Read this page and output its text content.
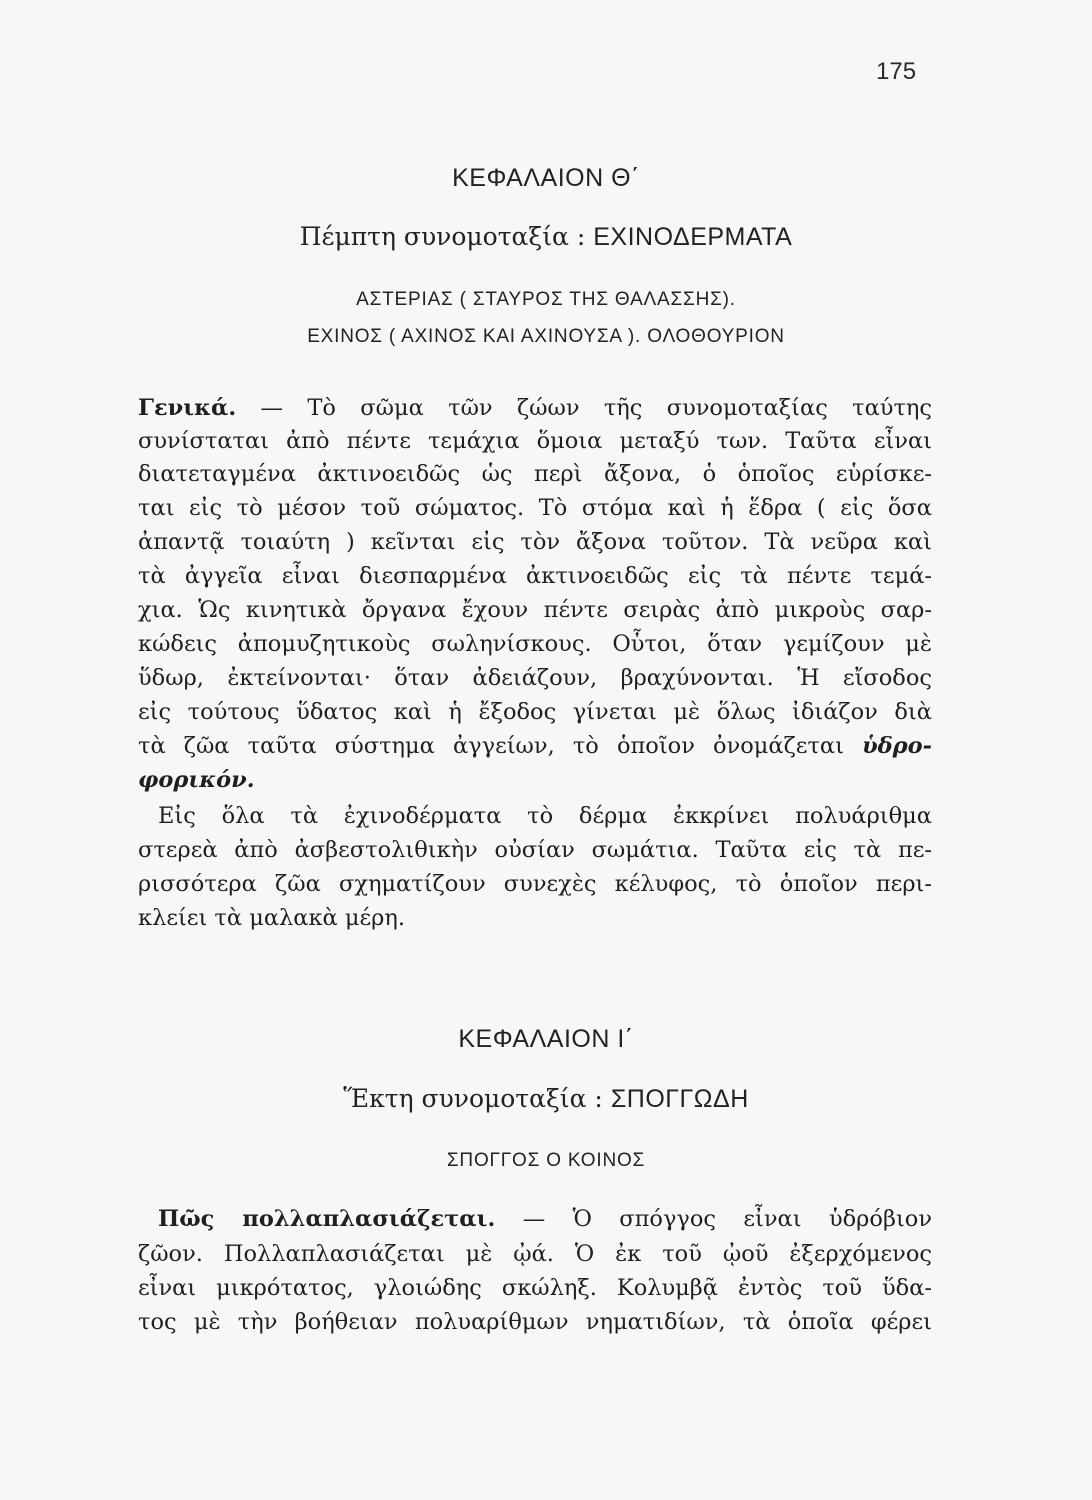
175
ΚΕΦΑΛΑΙΟΝ Θ΄
Πέμπτη συνομοταξία : ΕΧΙΝΟΔΕΡΜΑΤΑ
ΑΣΤΕΡΙΑΣ ( ΣΤΑΥΡΟΣ ΤΗΣ ΘΑΛΑΣΣΗΣ).
ΕΧΙΝΟΣ ( ΑΧΙΝΟΣ ΚΑΙ ΑΧΙΝΟΥΣΑ ). ΟΛΟΘΟΥΡΙΟΝ
Γενικά. — Τὸ σῶμα τῶν ζώων τῆς συνομοταξίας ταύτης
συνίσταται ἀπὸ πέντε τεμάχια ὅμοια μεταξύ των. Ταῦτα εἶναι
διατεταγμένα ἀκτινοειδῶς ὡς περὶ ἄξονα, ὁ ὁποῖος εὑρίσκε-
ται εἰς τὸ μέσον τοῦ σώματος. Τὸ στόμα καὶ ἡ ἕδρα ( εἰς ὅσα
ἀπαντᾷ τοιαύτη ) κεῖνται εἰς τὸν ἄξονα τοῦτον. Τὰ νεῦρα καὶ
τὰ ἀγγεῖα εἶναι διεσπαρμένα ἀκτινοειδῶς εἰς τὰ πέντε τεμά-
χια. Ὡς κινητικὰ ὄργανα ἔχουν πέντε σειρὰς ἀπὸ μικροὺς σαρ-
κώδεις ἀπομυζητικοὺς σωληνίσκους. Οὗτοι, ὅταν γεμίζουν μὲ
ὕδωρ, ἐκτείνονται· ὅταν ἀδειάζουν, βραχύνονται. Ἡ εἴσοδος
εἰς τούτους ὕδατος καὶ ἡ ἔξοδος γίνεται μὲ ὅλως ἰδιάζον διὰ
τὰ ζῶα ταῦτα σύστημα ἀγγείων, τὸ ὁποῖον ὀνομάζεται ὑδρο-
φορικόν.
Εἰς ὅλα τὰ ἐχινοδέρματα τὸ δέρμα ἐκκρίνει πολυάριθμα
στερεὰ ἀπὸ ἀσβεστολιθικὴν οὐσίαν σωμάτια. Ταῦτα εἰς τὰ πε-
ρισσότερα ζῶα σχηματίζουν συνεχὲς κέλυφος, τὸ ὁποῖον περι-
κλείει τὰ μαλακὰ μέρη.
ΚΕΦΑΛΑΙΟΝ Ι΄
Ἕκτη συνομοταξία : ΣΠΟΓΓΩΔΗ
ΣΠΟΓΓΟΣ Ο ΚΟΙΝΟΣ
Πῶς πολλαπλασιάζεται. — Ὁ σπόγγος εἶναι ὑδρόβιον
ζῶον. Πολλαπλασιάζεται μὲ ᾠά. Ὁ ἐκ τοῦ ᾠοῦ ἐξερχόμενος
εἶναι μικρότατος, γλοιώδης σκώληξ. Κολυμβᾷ ἐντὸς τοῦ ὕδα-
τος μὲ τὴν βοήθειαν πολυαρίθμων νηματιδίων, τὰ ὁποῖα φέρει
